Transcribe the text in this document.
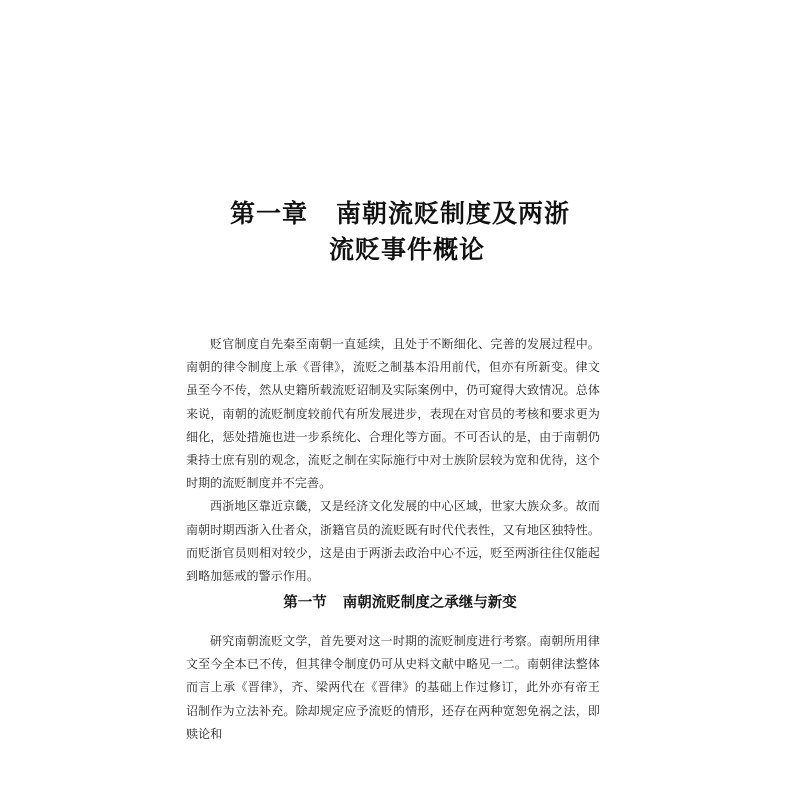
第一章 南朝流贬制度及两浙
流贬事件概论

贬官制度自先秦至南朝一直延续，且处于不断细化、完善的发展过程中。南朝的律令制度上承《晋律》，流贬之制基本沿用前代，但亦有所新变。律文虽至今不传，然从史籍所载流贬诏制及实际案例中，仍可窥得大致情况。总体来说，南朝的流贬制度较前代有所发展进步，表现在对官员的考核和要求更为细化，惩处措施也进一步系统化、合理化等方面。不可否认的是，由于南朝仍秉持士庶有别的观念，流贬之制在实际施行中对士族阶层较为宽和优待，这个时期的流贬制度并不完善。

西浙地区靠近京畿，又是经济文化发展的中心区域，世家大族众多。故而南朝时期西浙入仕者众，浙籍官员的流贬既有时代代表性，又有地区独特性。而贬浙官员则相对较少，这是由于两浙去政治中心不远，贬至两浙往往仅能起到略加惩戒的警示作用。

第一节 南朝流贬制度之承继与新变

研究南朝流贬文学，首先要对这一时期的流贬制度进行考察。南朝所用律文至今全本已不传，但其律令制度仍可从史料文献中略见一二。南朝律法整体而言上承《晋律》，齐、梁两代在《晋律》的基础上作过修订，此外亦有帝王诏制作为立法补充。除却规定应予流贬的情形，还存在两种宽恕免祸之法，即赎论和
